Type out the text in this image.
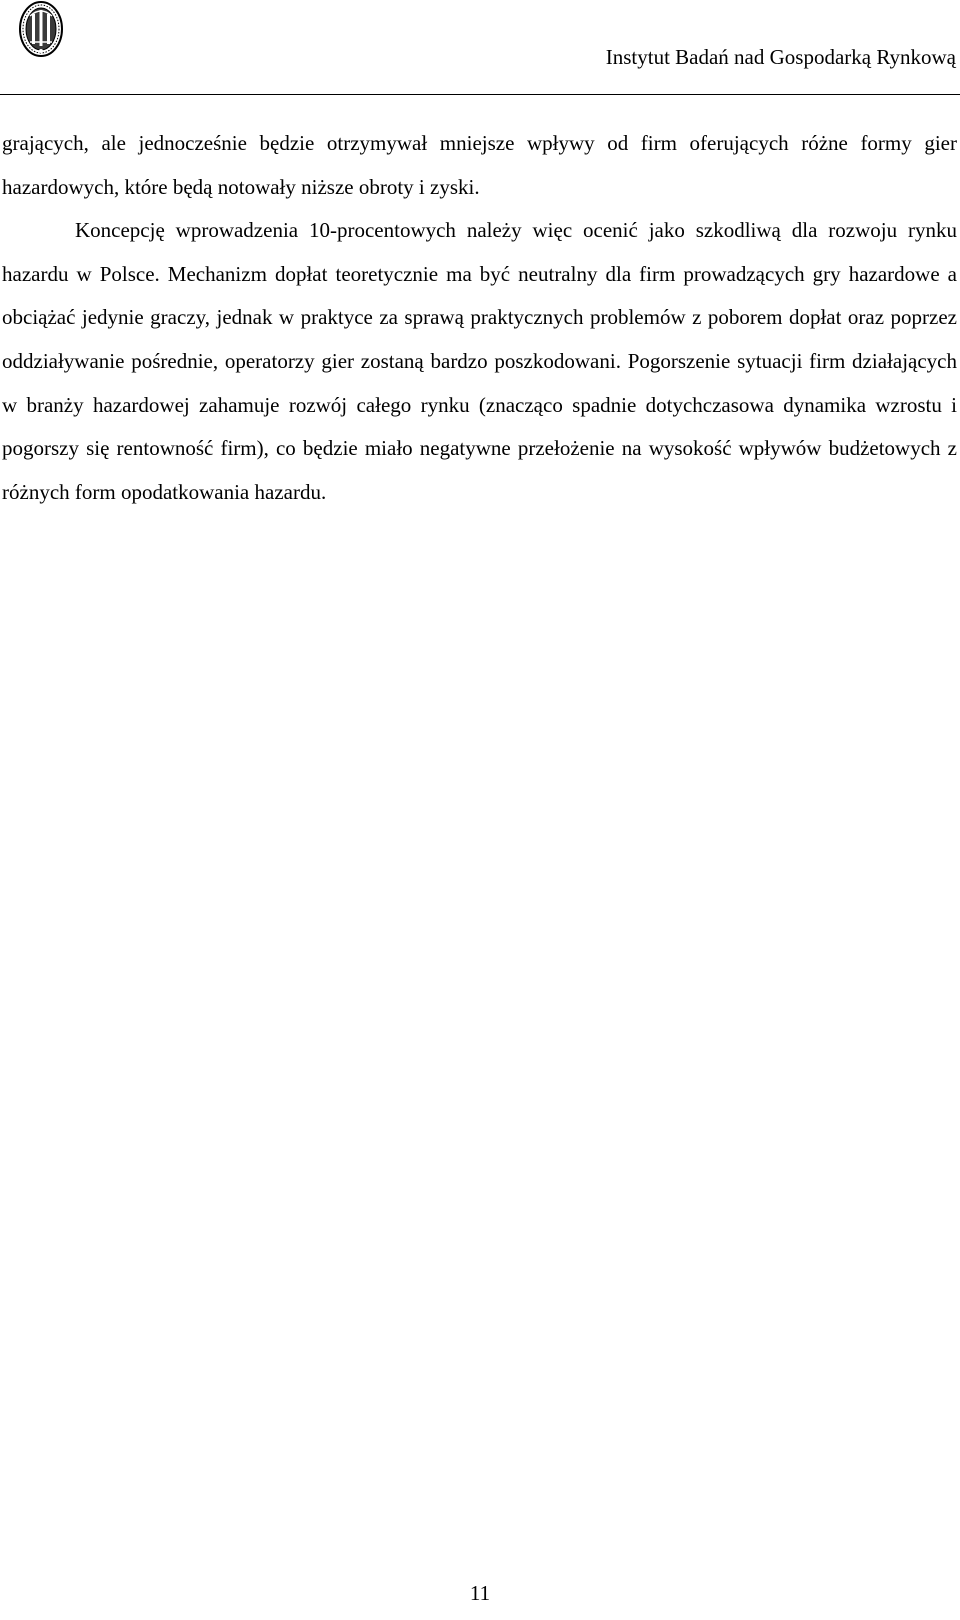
Instytut Badań nad Gospodarką Rynkową

grających, ale jednocześnie będzie otrzymywał mniejsze wpływy od firm oferujących różne formy gier hazardowych, które będą notowały niższe obroty i zyski.

Koncepcję wprowadzenia 10-procentowych należy więc ocenić jako szkodliwą dla rozwoju rynku hazardu w Polsce. Mechanizm dopłat teoretycznie ma być neutralny dla firm prowadzących gry hazardowe a obciążać jedynie graczy, jednak w praktyce za sprawą praktycznych problemów z poborem dopłat oraz poprzez oddziaływanie pośrednie, operatorzy gier zostaną bardzo poszkodowani. Pogorszenie sytuacji firm działających w branży hazardowej zahamuje rozwój całego rynku (znacząco spadnie dotychczasowa dynamika wzrostu i pogorszy się rentowność firm), co będzie miało negatywne przełożenie na wysokość wpływów budżetowych z różnych form opodatkowania hazardu.

11
